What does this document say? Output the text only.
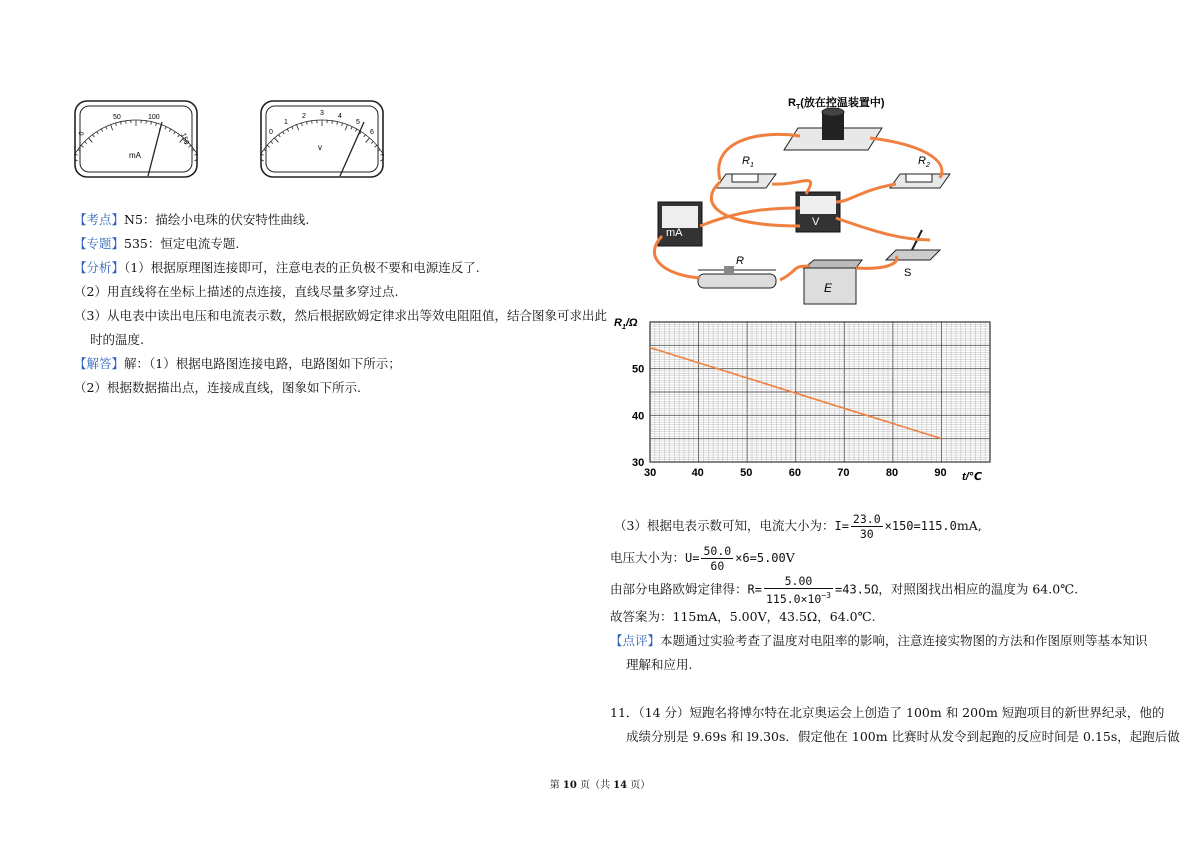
0
50	100
150
mA
0
1
2 3 4
5
6
v
【考点】N5：描绘小电珠的伏安特性曲线.
【专题】535：恒定电流专题.
【分析】（1）根据原理图连接即可，注意电表的正负极不要和电源连反了.
（2）用直线将在坐标上描述的点连接，直线尽量多穿过点.
（3）从电表中读出电压和电流表示数，然后根据欧姆定律求出等效电阻阻值，结合图象可求出此
时的温度.
【解答】解：（1）根据电路图连接电路，电路图如下所示；
（2）根据数据描出点，连接成直线，图象如下所示.
$R_T$(放在控温装置中)
$R_1$	$R_2$
mA
V
S
R
E
30	40	50	60	70	80	90
30
40
50
$R_1/\Omega$
t/℃
（3）根据电表示数可知，电流大小为：$I= \frac{23.0}{30} \times 150=115.0mA$,
电压大小为：$U= \frac{50.0}{60} \times 6=5.00V$
由部分电路欧姆定律得：$R= \frac{5.00}{115.0\times 10^{-3}} =43.5\Omega$，对照图找出相应的温度为 64.0℃.
故答案为：115mA，5.00V，43.5Ω，64.0℃.
【点评】本题通过实验考查了温度对电阻率的影响，注意连接实物图的方法和作图原则等基本知识
理解和应用.
11．（14 分）短跑名将博尔特在北京奥运会上创造了 100m 和 200m 短跑项目的新世界纪录，他的
成绩分别是 9.69s 和 l9.30s．假定他在 100m 比赛时从发令到起跑的反应时间是 0.15s，起跑后做
第 10 页（共 14 页）
